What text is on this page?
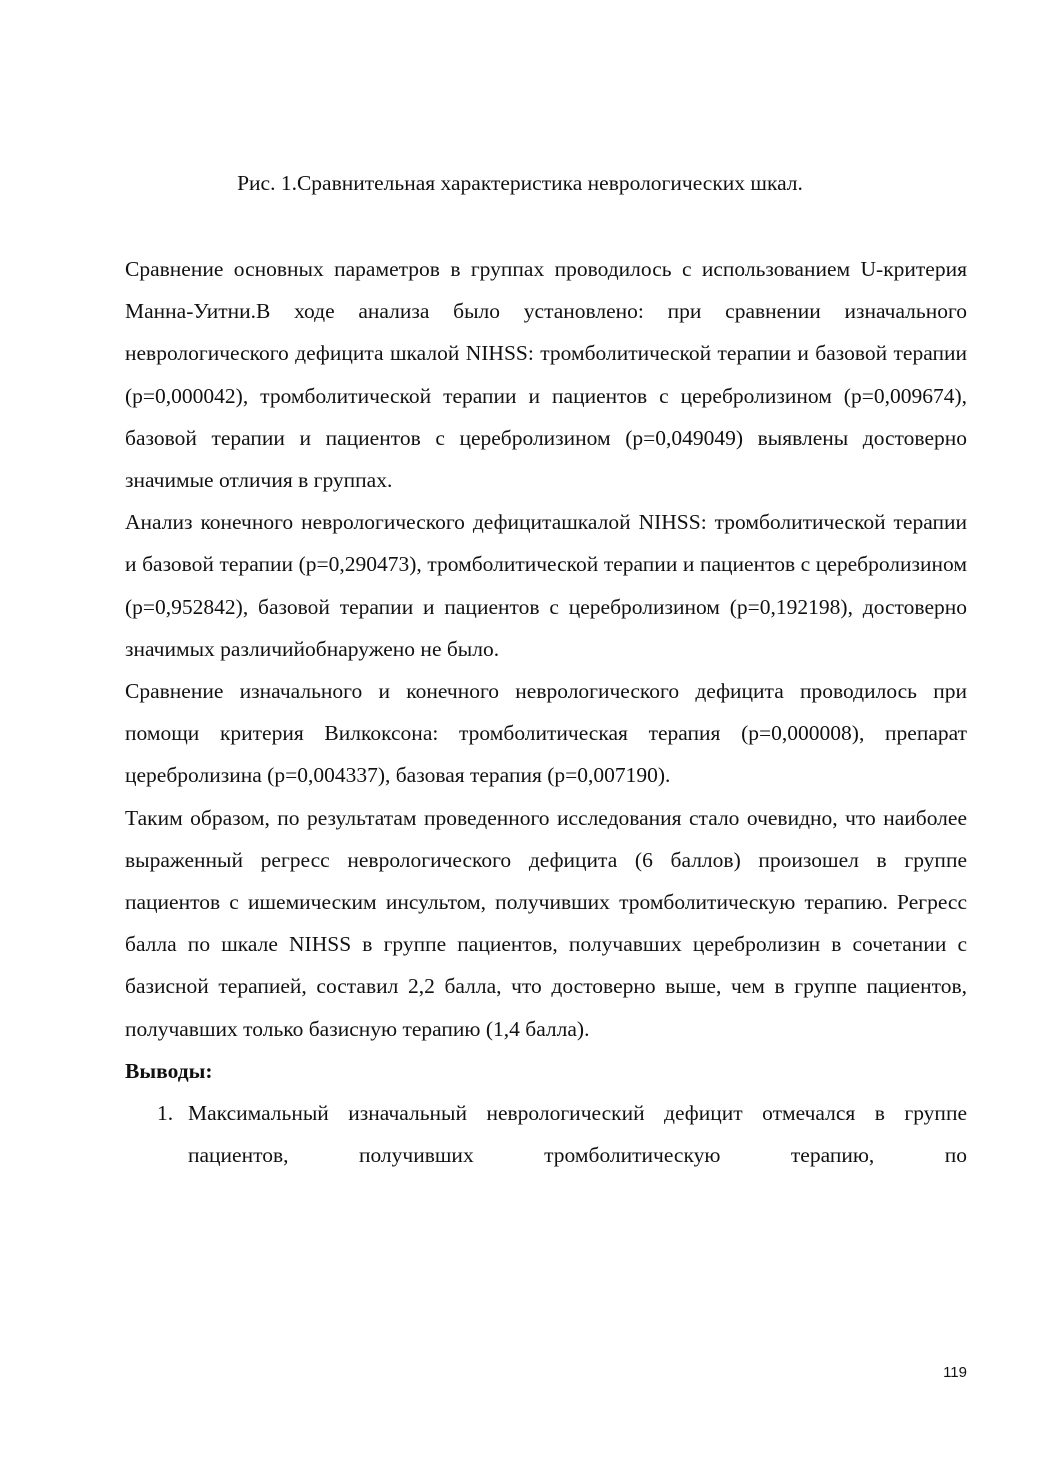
Рис. 1.Сравнительная характеристика неврологических шкал.

Сравнение основных параметров в группах проводилось с использованием U-критерия Манна-Уитни.В ходе анализа было установлено: при сравнении изначального неврологического дефицита шкалой NIHSS: тромболитической терапии и базовой терапии (p=0,000042), тромболитической терапии и пациентов с церебролизином (p=0,009674), базовой терапии и пациентов с церебролизином (p=0,049049) выявлены достоверно значимые отличия в группах.

Анализ конечного неврологического дефициташкалой NIHSS: тромболитической терапии и базовой терапии (p=0,290473), тромболитической терапии и пациентов с церебролизином (p=0,952842), базовой терапии и пациентов с церебролизином (p=0,192198), достоверно значимых различийобнаружено не было.

Сравнение изначального и конечного неврологического дефицита проводилось при помощи критерия Вилкоксона: тромболитическая терапия (p=0,000008), препарат церебролизина (p=0,004337), базовая терапия (p=0,007190).

Таким образом, по результатам проведенного исследования стало очевидно, что наиболее выраженный регресс неврологического дефицита (6 баллов) произошел в группе пациентов с ишемическим инсультом, получивших тромболитическую терапию. Регресс балла по шкале NIHSS в группе пациентов, получавших церебролизин в сочетании с базисной терапией, составил 2,2 балла, что достоверно выше, чем в группе пациентов, получавших только базисную терапию (1,4 балла).

Выводы:

1. Максимальный изначальный неврологический дефицит отмечался в группе пациентов, получивших тромболитическую терапию, по
119
